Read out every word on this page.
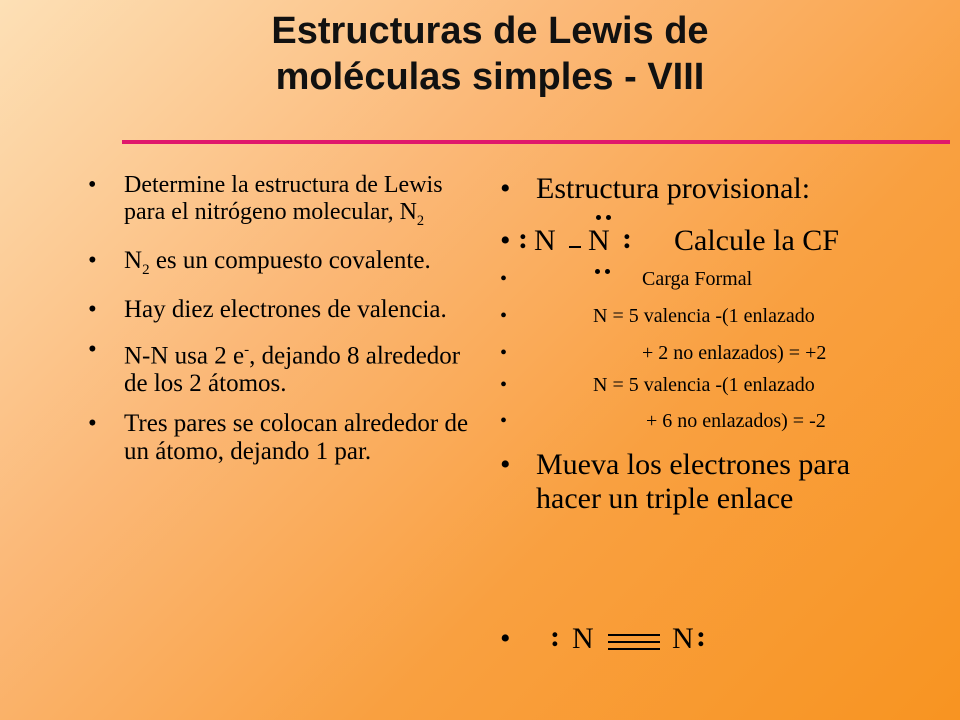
Estructuras de Lewis de
moléculas simples - VIII
• Determine la estructura de Lewis para el nitrógeno molecular, $N_2$
• $N_2$ es un compuesto covalente.
• Hay diez electrones de valencia.
• N-N usa 2 e-, dejando 8 alrededor de los 2 átomos.
• Tres pares se colocan alrededor de un átomo, dejando 1 par.
• Estructura provisional:
• : N N : Calcule la CF
•	Carga Formal
•	N = 5 valencia -(1 enlazado
•	+ 2 no enlazados) = +2
•	N = 5 valencia -(1 enlazado
•	+ 6 no enlazados) = -2
• Mueva los electrones para hacer un triple enlace
• : N	N :
